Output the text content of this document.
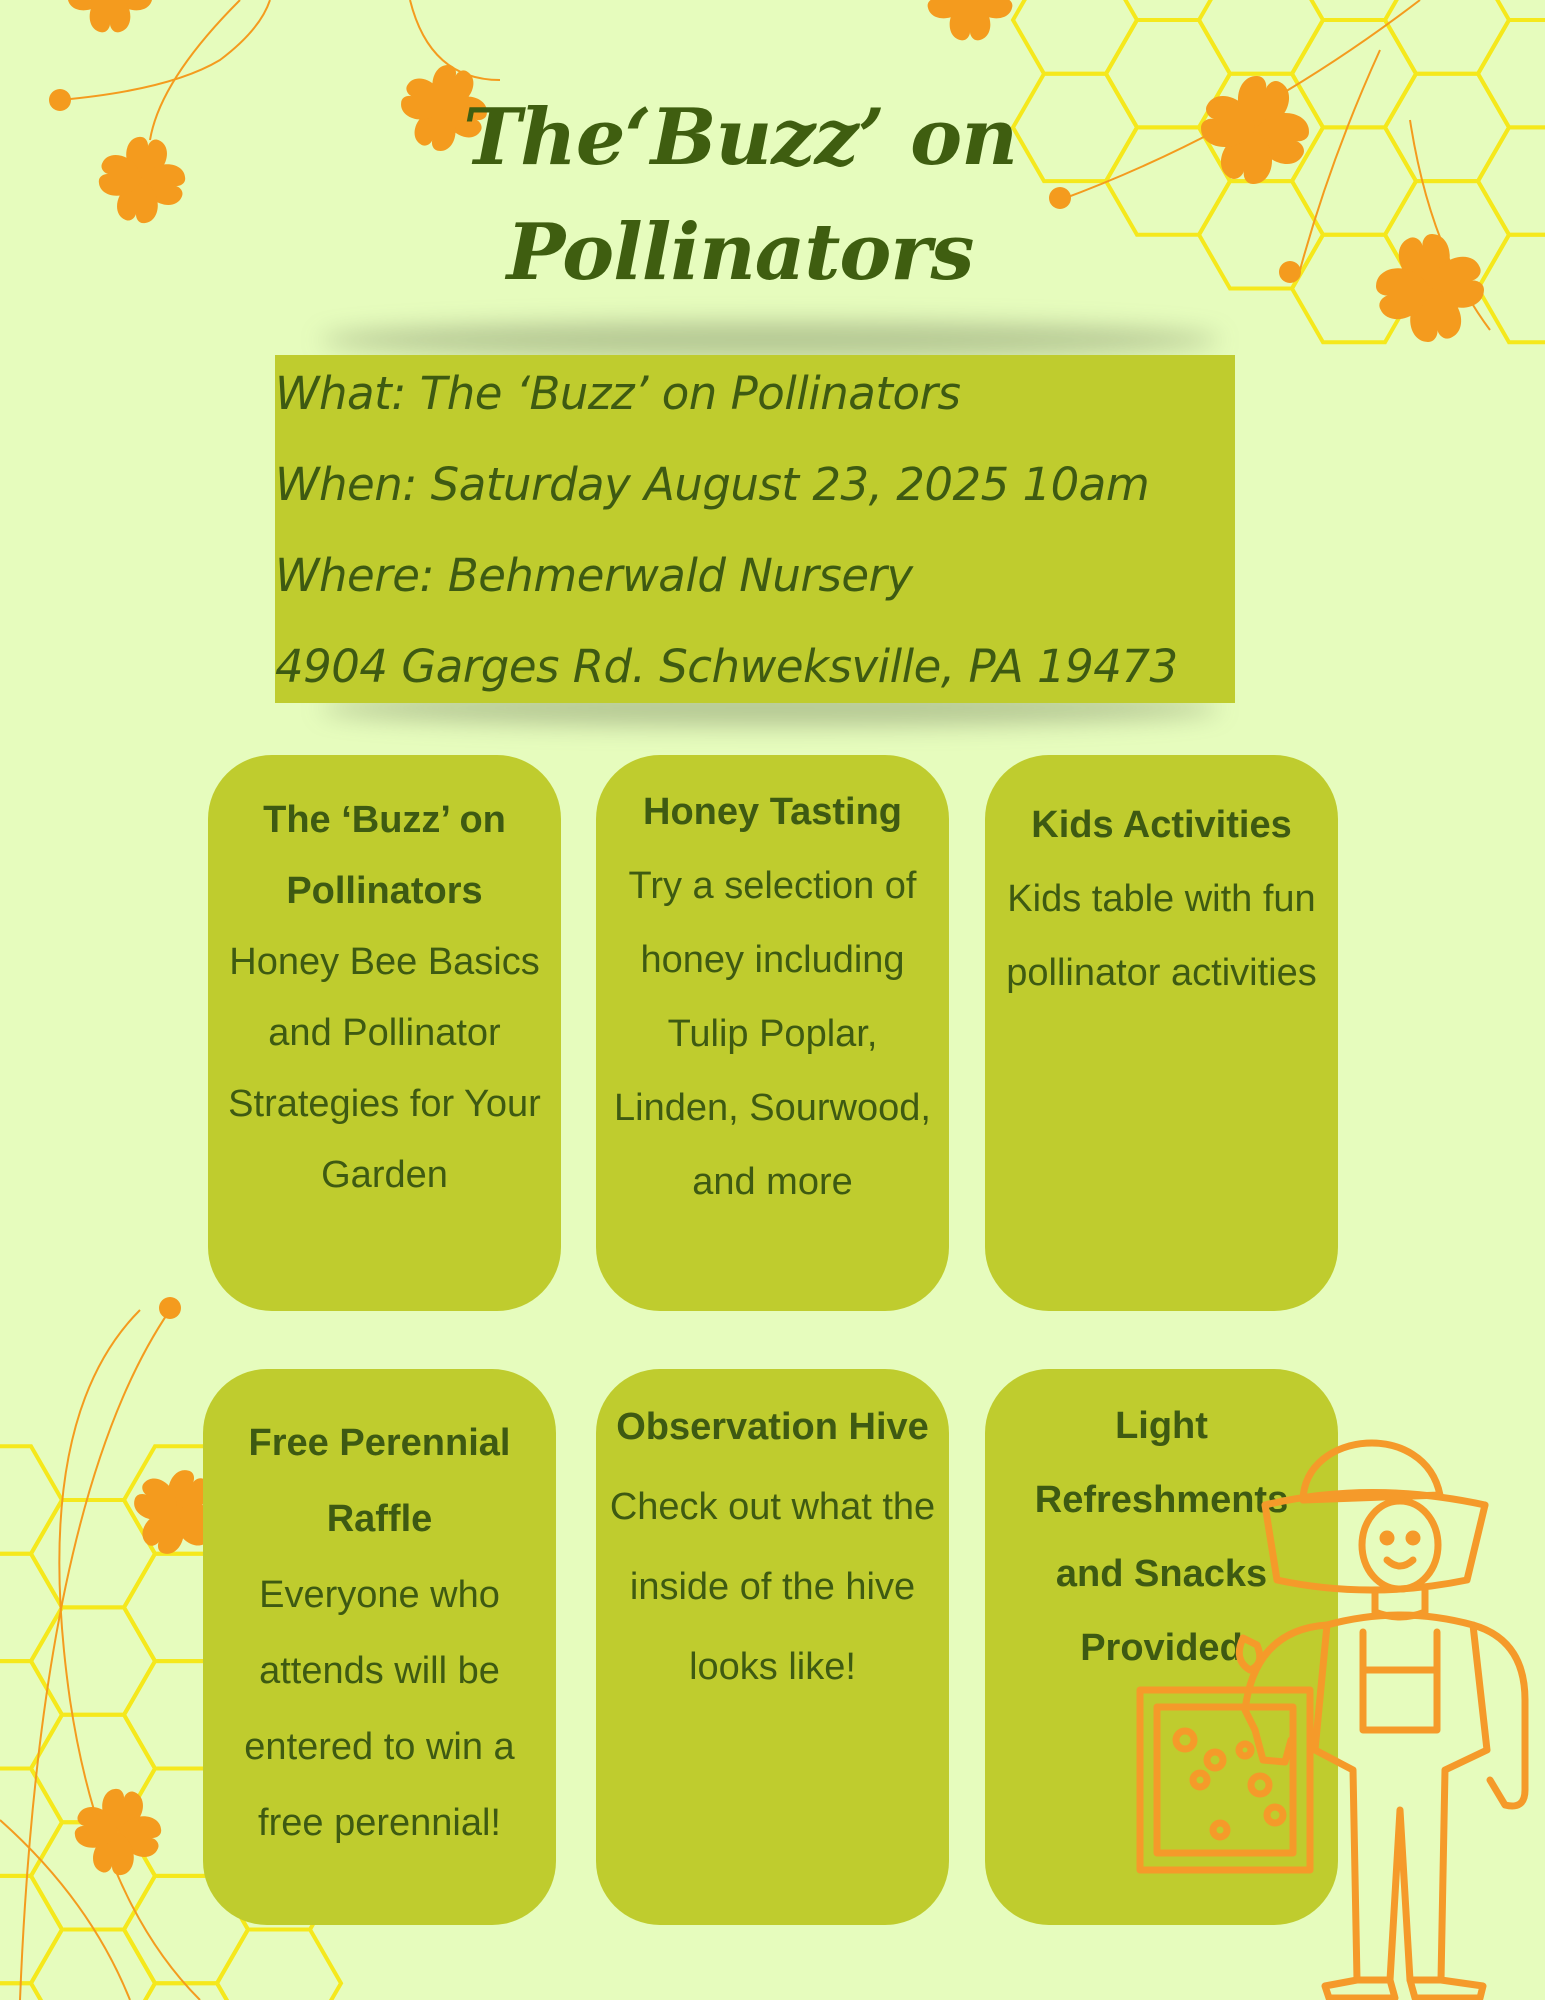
The‘Buzz’ on
Pollinators
What: The ‘Buzz’ on Pollinators
When: Saturday August 23, 2025 10am
Where: Behmerwald Nursery
4904 Garges Rd. Schweksville, PA 19473
The ‘Buzz’ on Pollinators
Honey Bee Basics and Pollinator Strategies for Your Garden
Honey Tasting
Try a selection of honey including Tulip Poplar, Linden, Sourwood, and more
Kids Activities
Kids table with fun pollinator activities
Free Perennial Raffle
Everyone who attends will be entered to win a free perennial!
Observation Hive
Check out what the inside of the hive looks like!
Light Refreshments and Snacks Provided
